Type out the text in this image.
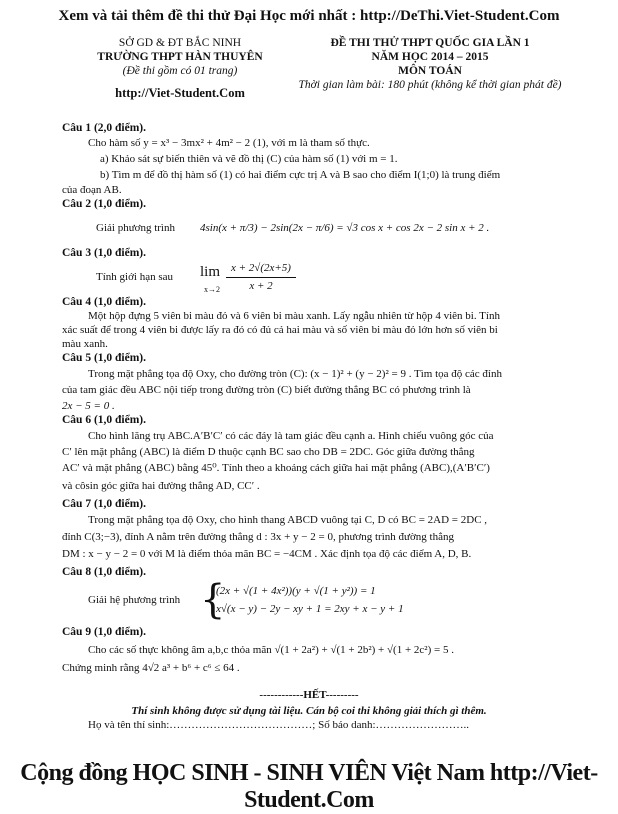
Xem và tải thêm đề thi thử Đại Học mới nhất : http://DeThi.Viet-Student.Com
SỞ GD & ĐT BẮC NINH
TRƯỜNG THPT HÀN THUYÊN
(Đề thi gồm có 01 trang)
http://Viet-Student.Com
ĐỀ THI THỬ THPT QUỐC GIA LẦN 1
NĂM HỌC 2014 – 2015
MÔN TOÁN
Thời gian làm bài: 180 phút (không kể thời gian phát đề)
Câu 1 (2,0 điểm).
Cho hàm số y = x³ − 3mx² + 4m² − 2 (1), với m là tham số thực.
a) Khảo sát sự biến thiên và vẽ đồ thị (C) của hàm số (1) với m = 1.
b) Tìm m để đồ thị hàm số (1) có hai điểm cực trị A và B sao cho điểm I(1;0) là trung điểm
của đoạn AB.
Câu 2 (1,0 điểm).
Giải phương trình 4sin(x + π/3) − 2sin(2x − π/6) = √3 cos x + cos 2x − 2 sin x + 2 .
Câu 3 (1,0 điểm).
Tính giới hạn sau lim
x→2
x + 2√(2x+5)
x + 2
Câu 4 (1,0 điểm).
Một hộp đựng 5 viên bi màu đỏ và 6 viên bi màu xanh. Lấy ngẫu nhiên từ hộp 4 viên bi. Tính
xác suất để trong 4 viên bi được lấy ra đó có đủ cả hai màu và số viên bi màu đỏ lớn hơn số viên bi
màu xanh.
Câu 5 (1,0 điểm).
Trong mặt phẳng tọa độ Oxy, cho đường tròn (C): (x − 1)² + (y − 2)² = 9 . Tìm tọa độ các đỉnh
của tam giác đều ABC nội tiếp trong đường tròn (C) biết đường thẳng BC có phương trình là
2x − 5 = 0 .
Câu 6 (1,0 điểm).
Cho hình lăng trụ ABC.A′B′C′ có các đáy là tam giác đều cạnh a. Hình chiếu vuông góc của
C′ lên mặt phẳng (ABC) là điểm D thuộc cạnh BC sao cho DB = 2DC. Góc giữa đường thẳng
AC′ và mặt phẳng (ABC) bằng 45⁰. Tính theo a khoảng cách giữa hai mặt phẳng (ABC),(A′B′C′)
và côsin góc giữa hai đường thẳng AD, CC′ .
Câu 7 (1,0 điểm).
Trong mặt phẳng tọa độ Oxy, cho hình thang ABCD vuông tại C, D có BC = 2AD = 2DC ,
đỉnh C(3;−3), đỉnh A nằm trên đường thẳng d : 3x + y − 2 = 0, phương trình đường thẳng
DM : x − y − 2 = 0 với M là điểm thỏa mãn BC = −4CM . Xác định tọa độ các điểm A, D, B.
Câu 8 (1,0 điểm).
Giải hệ phương trình {
(2x + √(1 + 4x²))(y + √(1 + y²)) = 1
x√(x − y) − 2y − xy + 1 = 2xy + x − y + 1
Câu 9 (1,0 điểm).
Cho các số thực không âm a,b,c thỏa mãn √(1 + 2a²) + √(1 + 2b²) + √(1 + 2c²) = 5 .
Chứng minh rằng 4√2 a³ + b⁶ + c⁶ ≤ 64 .
------------HẾT---------
Thí sinh không được sử dụng tài liệu. Cán bộ coi thi không giải thích gì thêm.
Họ và tên thí sinh:…………………………………; Số báo danh:……………………..
Cộng đồng HỌC SINH - SINH VIÊN Việt Nam http://Viet-Student.Com
